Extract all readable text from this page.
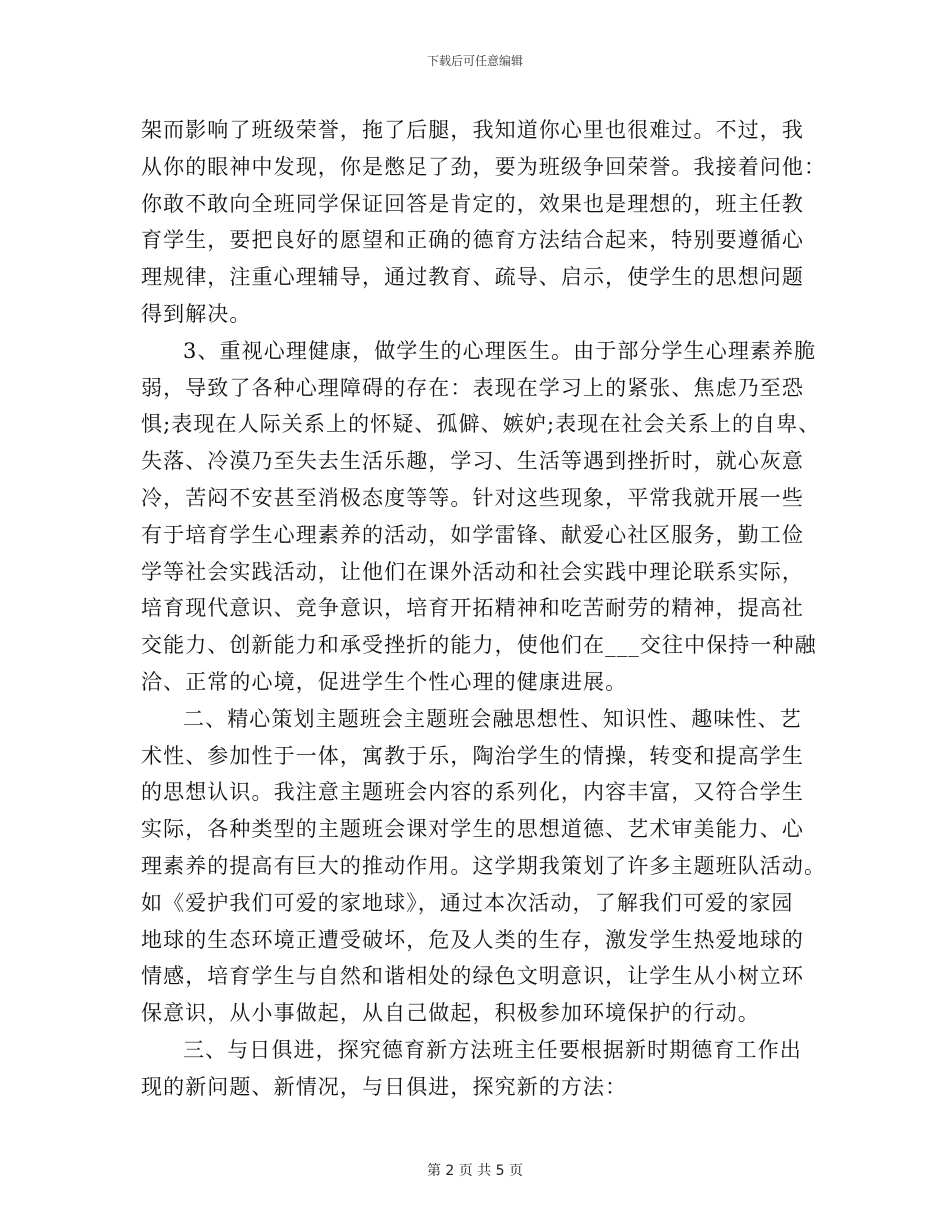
下载后可任意编辑
架而影响了班级荣誉，拖了后腿，我知道你心里也很难过。不过，我
从你的眼神中发现，你是憋足了劲，要为班级争回荣誉。我接着问他：
你敢不敢向全班同学保证回答是肯定的，效果也是理想的，班主任教
育学生，要把良好的愿望和正确的德育方法结合起来，特别要遵循心
理规律，注重心理辅导，通过教育、疏导、启示，使学生的思想问题
得到解决。
3、重视心理健康，做学生的心理医生。由于部分学生心理素养脆
弱，导致了各种心理障碍的存在：表现在学习上的紧张、焦虑乃至恐
惧;表现在人际关系上的怀疑、孤僻、嫉妒;表现在社会关系上的自卑、
失落、冷漠乃至失去生活乐趣，学习、生活等遇到挫折时，就心灰意
冷，苦闷不安甚至消极态度等等。针对这些现象，平常我就开展一些
有于培育学生心理素养的活动，如学雷锋、献爱心社区服务，勤工俭
学等社会实践活动，让他们在课外活动和社会实践中理论联系实际，
培育现代意识、竞争意识，培育开拓精神和吃苦耐劳的精神，提高社
交能力、创新能力和承受挫折的能力，使他们在___交往中保持一种融
洽、正常的心境，促进学生个性心理的健康进展。
二、精心策划主题班会主题班会融思想性、知识性、趣味性、艺
术性、参加性于一体，寓教于乐，陶治学生的情操，转变和提高学生
的思想认识。我注意主题班会内容的系列化，内容丰富，又符合学生
实际，各种类型的主题班会课对学生的思想道德、艺术审美能力、心
理素养的提高有巨大的推动作用。这学期我策划了许多主题班队活动。
如《爱护我们可爱的家地球》，通过本次活动，了解我们可爱的家园
地球的生态环境正遭受破坏，危及人类的生存，激发学生热爱地球的
情感，培育学生与自然和谐相处的绿色文明意识，让学生从小树立环
保意识，从小事做起，从自己做起，积极参加环境保护的行动。
三、与日俱进，探究德育新方法班主任要根据新时期德育工作出
现的新问题、新情况，与日俱进，探究新的方法：
第 2 页 共 5 页
